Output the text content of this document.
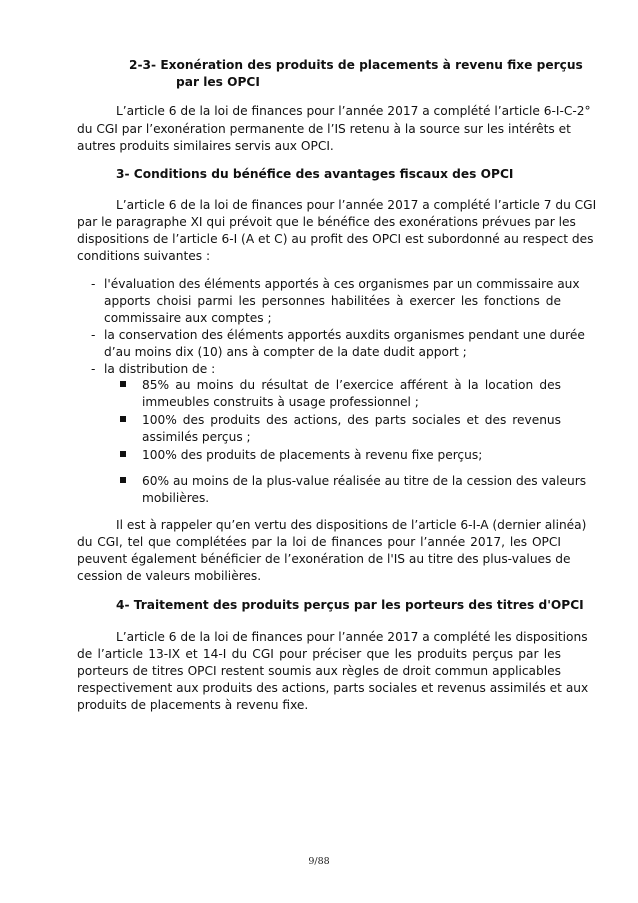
2-3- Exonération des produits de placements à revenu fixe perçus
par les OPCI
L’article 6 de la loi de finances pour l’année 2017 a complété l’article 6-I-C-2°
du CGI par l’exonération permanente de l’IS retenu à la source sur les intérêts et
autres produits similaires servis aux OPCI.
3- Conditions du bénéfice des avantages fiscaux des OPCI
L’article 6 de la loi de finances pour l’année 2017 a complété l’article 7 du CGI
par le paragraphe XI qui prévoit que le bénéfice des exonérations prévues par les
dispositions de l’article 6-I (A et C) au profit des OPCI est subordonné au respect des
conditions suivantes :
- l'évaluation des éléments apportés à ces organismes par un commissaire aux
apports choisi parmi les personnes habilitées à exercer les fonctions de
commissaire aux comptes ;
- la conservation des éléments apportés auxdits organismes pendant une durée
d’au moins dix (10) ans à compter de la date dudit apport ;
- la distribution de :
85% au moins du résultat de l’exercice afférent à la location des
immeubles construits à usage professionnel ;
100% des produits des actions, des parts sociales et des revenus
assimilés perçus ;
100% des produits de placements à revenu fixe perçus;
60% au moins de la plus-value réalisée au titre de la cession des valeurs
mobilières.
Il est à rappeler qu’en vertu des dispositions de l’article 6-I-A (dernier alinéa)
du CGI, tel que complétées par la loi de finances pour l’année 2017, les OPCI
peuvent également bénéficier de l’exonération de l'IS au titre des plus-values de
cession de valeurs mobilières.
4- Traitement des produits perçus par les porteurs des titres d'OPCI
L’article 6 de la loi de finances pour l’année 2017 a complété les dispositions
de l’article 13-IX et 14-I du CGI pour préciser que les produits perçus par les
porteurs de titres OPCI restent soumis aux règles de droit commun applicables
respectivement aux produits des actions, parts sociales et revenus assimilés et aux
produits de placements à revenu fixe.
9/88
